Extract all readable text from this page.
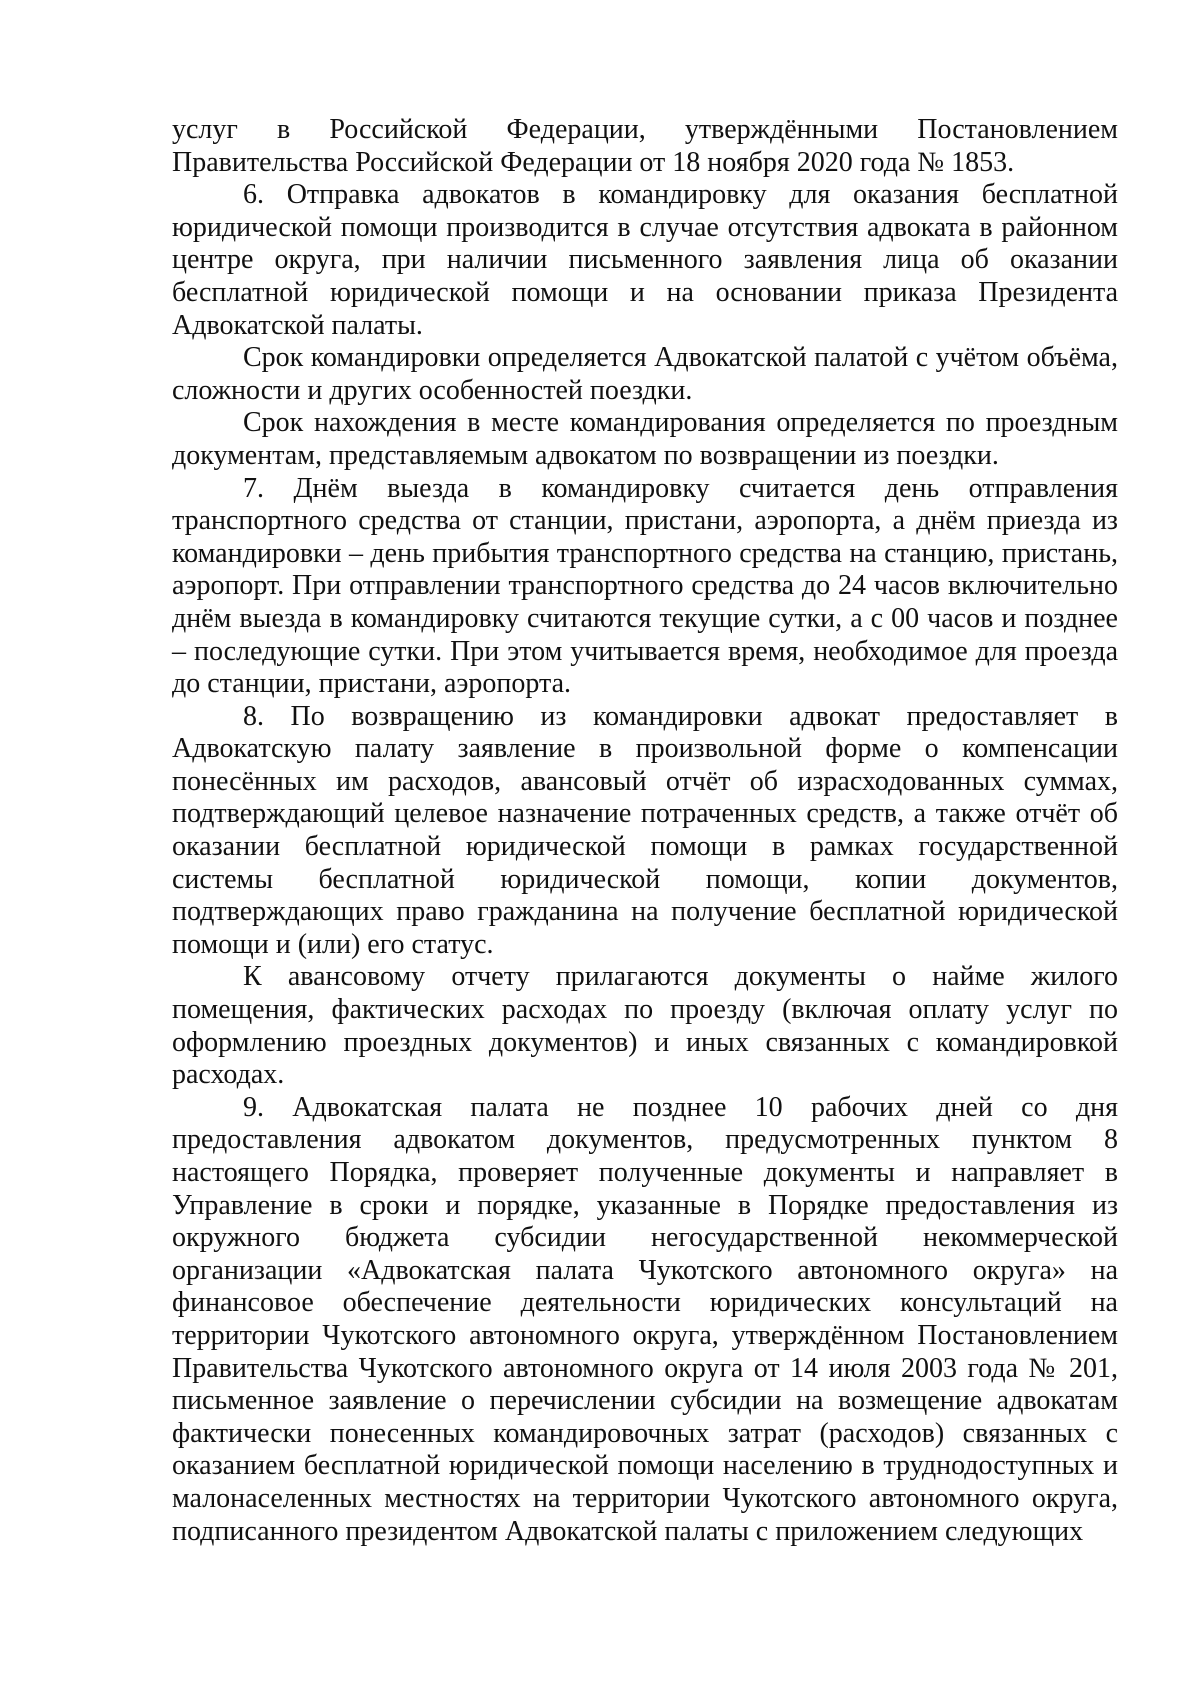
услуг в Российской Федерации, утверждёнными Постановлением Правительства Российской Федерации от 18 ноября 2020 года № 1853.

6. Отправка адвокатов в командировку для оказания бесплатной юридической помощи производится в случае отсутствия адвоката в районном центре округа, при наличии письменного заявления лица об оказании бесплатной юридической помощи и на основании приказа Президента Адвокатской палаты.

Срок командировки определяется Адвокатской палатой с учётом объёма, сложности и других особенностей поездки.

Срок нахождения в месте командирования определяется по проездным документам, представляемым адвокатом по возвращении из поездки.

7. Днём выезда в командировку считается день отправления транспортного средства от станции, пристани, аэропорта, а днём приезда из командировки – день прибытия транспортного средства на станцию, пристань, аэропорт. При отправлении транспортного средства до 24 часов включительно днём выезда в командировку считаются текущие сутки, а с 00 часов и позднее – последующие сутки. При этом учитывается время, необходимое для проезда до станции, пристани, аэропорта.

8. По возвращению из командировки адвокат предоставляет в Адвокатскую палату заявление в произвольной форме о компенсации понесённых им расходов, авансовый отчёт об израсходованных суммах, подтверждающий целевое назначение потраченных средств, а также отчёт об оказании бесплатной юридической помощи в рамках государственной системы бесплатной юридической помощи, копии документов, подтверждающих право гражданина на получение бесплатной юридической помощи и (или) его статус.

К авансовому отчету прилагаются документы о найме жилого помещения, фактических расходах по проезду (включая оплату услуг по оформлению проездных документов) и иных связанных с командировкой расходах.

9. Адвокатская палата не позднее 10 рабочих дней со дня предоставления адвокатом документов, предусмотренных пунктом 8 настоящего Порядка, проверяет полученные документы и направляет в Управление в сроки и порядке, указанные в Порядке предоставления из окружного бюджета субсидии негосударственной некоммерческой организации «Адвокатская палата Чукотского автономного округа» на финансовое обеспечение деятельности юридических консультаций на территории Чукотского автономного округа, утверждённом Постановлением Правительства Чукотского автономного округа от 14 июля 2003 года № 201, письменное заявление о перечислении субсидии на возмещение адвокатам фактически понесенных командировочных затрат (расходов) связанных с оказанием бесплатной юридической помощи населению в труднодоступных и малонаселенных местностях на территории Чукотского автономного округа, подписанного президентом Адвокатской палаты с приложением следующих
